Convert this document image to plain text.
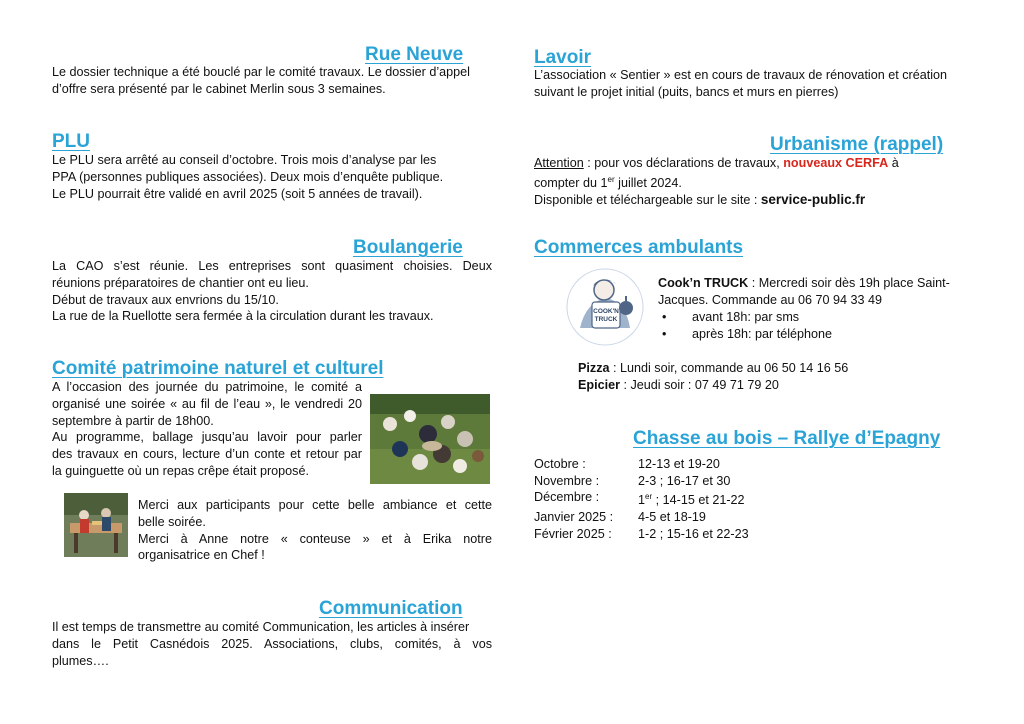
Rue Neuve

Le dossier technique a été bouclé par le comité travaux. Le dossier d’appel
d’offre sera présenté par le cabinet Merlin sous 3 semaines.

PLU

Le PLU sera arrêté au conseil d’octobre. Trois mois d’analyse par les
PPA (personnes publiques associées). Deux mois d’enquête publique.
Le PLU pourrait être validé en avril 2025 (soit 5 années de travail).

Boulangerie

La CAO s’est réunie. Les entreprises sont quasiment choisies. Deux
réunions préparatoires de chantier ont eu lieu.
Début de travaux aux envrions du 15/10.
La rue de la Ruellotte sera fermée à la circulation durant les travaux.

Comité patrimoine naturel et culturel

A l’occasion des journée du patrimoine, le comité a
organisé une soirée « au fil de l’eau », le vendredi 20
septembre à partir de 18h00.
Au programme, ballage jusqu’au lavoir pour parler
des travaux en cours, lecture d’un conte et retour par
la guinguette où un repas crêpe était proposé.

Merci aux participants pour cette belle ambiance et cette
belle soirée.
Merci à Anne notre « conteuse » et à Erika notre
organisatrice en Chef !

Communication

Il est temps de transmettre au comité Communication, les articles à insérer
dans le Petit Casnédois 2025. Associations, clubs, comités, à vos
plumes….

Lavoir

L’association « Sentier » est en cours de travaux de rénovation et création
suivant le projet initial (puits, bancs et murs en pierres)

Urbanisme (rappel)

Attention : pour vos déclarations de travaux, nouveaux CERFA à
compter du 1er juillet 2024.
Disponible et téléchargeable sur le site : service-public.fr

Commerces ambulants
COOK'N TRUCK

Cook’n TRUCK : Mercredi soir dès 19h place Saint-
Jacques. Commande au 06 70 94 33 49

•	avant 18h: par sms
•	après 18h: par téléphone

Pizza : Lundi soir, commande au 06 50 14 16 56
Epicier : Jeudi soir : 07 49 71 79 20

Chasse au bois – Rallye d’Epagny
Octobre :	12-13 et 19-20
Novembre :	2-3 ; 16-17 et 30
Décembre :	1er ; 14-15 et 21-22
Janvier 2025 :	4-5 et 18-19
Février 2025 :	1-2 ; 15-16 et 22-23
